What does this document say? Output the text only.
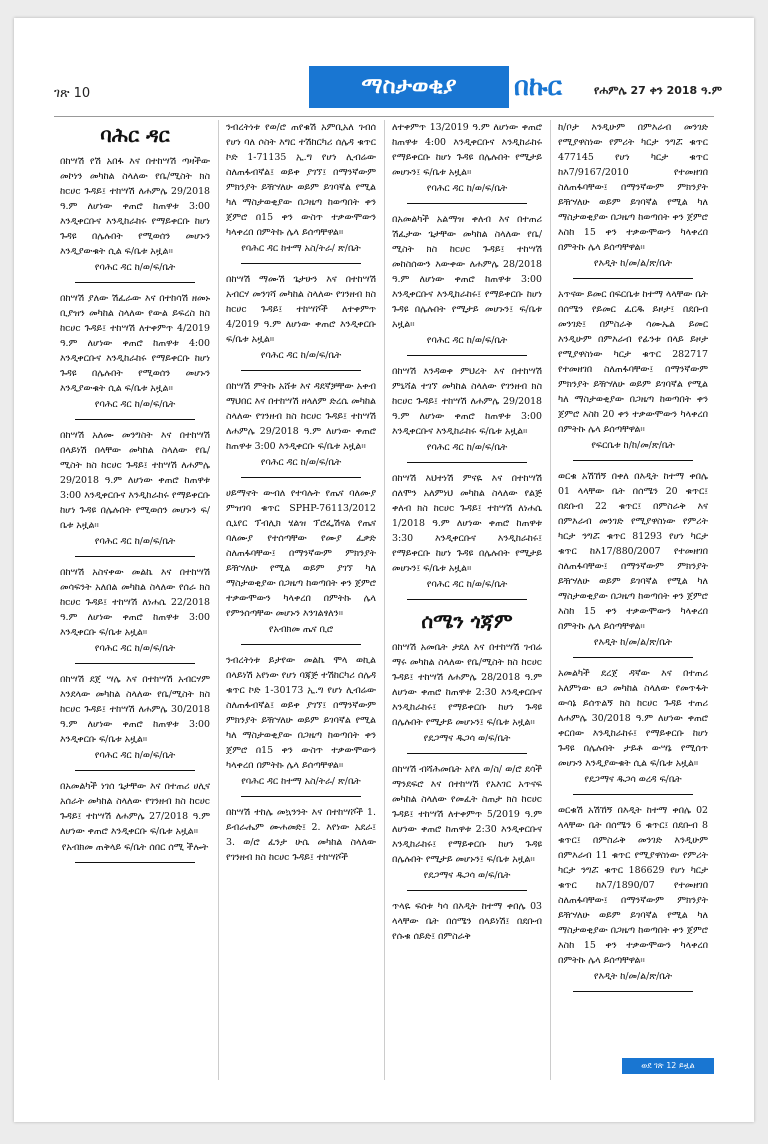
ገጽ 10	ማስታወቂያ	በኩር	የሐምሌ 27 ቀን 2018 ዓ.ም
ባሕር ዳር

በከሣሽ የሽ አበፋ እና በተከሣሽ ጣዛችው መኮነን መካከል ስላለው የቤ/ሚስት ክስ ከcሀc ጉዳይ፤ ተከሣሽ ለሐምሌ 29/2018 ዓ.ም ለሆነው ቀጠሮ ከጠዋቱ 3:00 እንዲቀርቡና እንዲከራከሩ የማይቀርቡ ከሆነ ጉዳዩ በሌሉበት የሚወሰን መሆኑን እንዲያውቁት ሲል ፍ/ቤቱ አዟል።

የባሕር ዳር ከ/ወ/ፍ/ቤት

በከሣሽ ያለው ሽፈራው እና በተከሳሽ ዘመኑ ቢያዝን መካከል ስላለው የውል ይፍረስ ክስ ከcሀc ጉዳይ፤ ተከሣሽ ለተቀምጥ 4/2019 ዓ.ም ለሆነው ቀጠሮ ከጠዋቱ 4:00 እንዲቀርቡና እንዲከራከሩ የማይቀርቡ ከሆነ ጉዳዩ በሌሉበት የሚወሰን መሆኑን እንዲያውቁት ሲል ፍ/ቤቱ አዟል።

የባሕር ዳር ከ/ወ/ፍ/ቤት

በከሣሽ አለሙ መንግስት እና በተከሣሽ በላይነሽ በላቸው መካከል ስላለው የቤ/ሚስት ክስ ከcሀc ጉዳይ፤ ተከሣሽ ለሐምሌ 29/2018 ዓ.ም ለሆነው ቀጠሮ ከጠዋቱ 3:00 እንዲቀርቡና እንዲከራከሩ የማይቀርቡ ከሆነ ጉዳዩ በሌሉበት የሚወሰን መሆኑን ፍ/ቤቱ አዟል።

የባሕር ዳር ከ/ወ/ፍ/ቤት

በከሣሽ አስናቀው መልኬ እና በተከሣሽ መሳፍንት አለበል መካከል ስላለው የሰራ ክስ ከcሀc ጉዳይ፤ ተከሣሽ ለነሐሴ 22/2018 ዓ.ም ለሆነው ቀጠሮ ከጠዋቱ 3:00 እንዲቀርቡ ፍ/ቤቱ አዟል።

የባሕር ዳር ከ/ወ/ፍ/ቤት

በከሣሽ ደጀ ሣሌ እና በተከሣሽ አብርሃም እንደላው መካከል ስላለው የቤ/ሚስት ክስ ከcሀc ጉዳይ፤ ተከሣሽ ለሐምሌ 30/2018 ዓ.ም ለሆነው ቀጠሮ ከጠዋቱ 3:00 እንዲቀርቡ ፍ/ቤቱ አዟል።

የባሕር ዳር ከ/ወ/ፍ/ቤት

በአመልካች ነገሰ ጌታቸው እና በተጠሪ ሀሊና አሰራት መካከል ስላለው የገንዘብ ክስ ከcሀc ጉዳይ፤ ተከሣሽ ለሐምሌ 27/2018 ዓ.ም ለሆነው ቀጠሮ እንዲቀርቡ ፍ/ቤቱ አዟል።

የአብክመ ጠቅላይ ፍ/ቤት ሰበር ሰሚ ችሎት

ንብረትነቱ የወ/ሮ ጠየቁሽ አምቢአለ ገብሰ የሆነ ባለ ሶስት እግር ተሽከርካሪ ሰሌዳ ቁጥር ኮድ 1-71135 ኢ.ግ የሆነ ሊብሬው ስለጠፋብኛል፤ ወይቀ ያገኘ፤ በማንኛውም ምክንያት ይዥሃለሁ ወይም ይገባኛል የሚል ካለ ማስታወቂያው በጋዜጣ ከወጣበት ቀን ጀምሮ በ15 ቀን ውስጥ ተቃውሞውን ካላቀረበ በምትኩ ሌላ ይሰጣቸዋል።

የባሕር ዳር ከተማ አስ/ትራ/ ጽ/ቤት

በከሣሽ ማሙሽ ጌታሁን እና በተከሣሽ አብርሃ መንገሻ መካከል ስላለው የገንዘብ ክስ ከcሀc ጉዳይ፤ ተከሣሾች ለተቀምጥ 4/2019 ዓ.ም ለሆነው ቀጠሮ እንዲቀርቡ ፍ/ቤቱ አዟል።

የባሕር ዳር ከ/ወ/ፍ/ቤት

በከሣሽ ምትኩ አሸቱ እና ዳደኛቻቸው አቀብ ማህበር እና በተከሣሽ ዘላለም ድረሴ መካከል ስላለው የገንዘብ ክስ ከcሀc ጉዳይ፤ ተከሣሽ ለሐምሌ 29/2018 ዓ.ም ለሆነው ቀጠሮ ከጠዋቱ 3:00 እንዲቀርቡ ፍ/ቤቱ አዟል።

የባሕር ዳር ከ/ወ/ፍ/ቤት

ሀይማኖት ውብለ የተባሉት የጤና ባለሙያ ምዝገባ ቁጥር SPHP-76113/2012 ሲኒየር ፕብሊክ ሄልዝ ፕሮፌሽናል የጤና ባለሙያ የተሰጣቸው የሙያ ፈቃድ ስለጠፋባቸው፤ በማንኛውም ምክንያት ይዥሃለሁ የሚል ወይም ያገኘ ካለ ማስታወቂያው በጋዜጣ ከወጣበት ቀን ጀምሮ ተቃውሞውን ካላቀረበ በምትኩ ሌላ የምንሰጣቸው መሆኑን እንገልፃለን።

የአብክመ ጤና ቢሮ

ንብረትነቱ ይታየው መልኬ ሞላ ወኪል በላይነሽ አየነው የሆነ ባጃጅ ተሽከርካሪ ሰሌዳ ቁጥር ኮድ 1-30173 ኢ.ግ የሆነ ሊብሬው ስለጠፋብኛል፤ ወይቀ ያገኘ፤ በማንኛውም ምክንያት ይዥሃለሁ ወይም ይገባኛል የሚል ካለ ማስታወቂያው በጋዜጣ ከወጣበት ቀን ጀምሮ በ15 ቀን ውስጥ ተቃውሞውን ካላቀረበ በምትኩ ሌላ ይሰጣቸዋል።

የባሕር ዳር ከተማ አስ/ትራ/ ጽ/ቤት

በከሣሽ ተከሌ መኳንንት እና በተከሣሾች 1. ይብራሔም ሙሐመድ፤ 2. እየነው አደራ፤ 3. ወ/ሮ ፈንታ ሁሴ መካከል ስላለው የገንዘብ ክስ ከcሀc ጉዳይ፤ ተከሣሾች

ለተቀምጥ 13/2019 ዓ.ም ለሆነው ቀጠሮ ከጠዋቱ 4:00 እንዲቀርቡና እንዲከራከሩ የማይቀርቡ ከሆነ ጉዳዩ በሌሉበት የሚታይ መሆኑን፤ ፍ/ቤቱ አዟል።

የባሕር ዳር ከ/ወ/ፍ/ቤት

በአመልካች አልማዝ ቀለብ እና በተጠሪ ሽፈታው ጌታቸው መካከል ስላለው የቤ/ሚስት ክስ ከcሀc ጉዳይ፤ ተከሣሽ መከስሰውን እውቀው ለሐምሌ 28/2018 ዓ.ም ለሆነው ቀጠሮ ከጠዋቱ 3:00 እንዲቀርቡና እንዲከራከሩ፤ የማይቀርቡ ከሆነ ጉዳዩ በሌሉበት የሚታይ መሆኑን፤ ፍ/ቤቱ አዟል።

የባሕር ዳር ከ/ወ/ፍ/ቤት

በከሣሽ እንዳወቀ ምህረት እና በተከሣሽ ምኒሻል ተገኘ መካከል ስላለው የገንዘብ ክስ ከcሀc ጉዳይ፤ ተከሣሽ ለሐምሌ 29/2018 ዓ.ም ለሆነው ቀጠሮ ከጠዋቱ 3:00 እንዲቀርቡና እንዲከራከሩ ፍ/ቤቱ አዟል።

የባሕር ዳር ከ/ወ/ፍ/ቤት

በከሣሽ እህተነሽ ምናዬ እና በተከሣሽ ሰለሞን አለምነህ መካከል ስላለው የልጅ ቀለብ ክስ ከcሀc ጉዳይ፤ ተከሣሽ ለነሐሴ 1/2018 ዓ.ም ለሆነው ቀጠሮ ከጠዋቱ 3:30 እንዲቀርቡና እንዲከራከሩ፤ የማይቀርቡ ከሆነ ጉዳዩ በሌሉበት የሚታይ መሆኑን፤ ፍ/ቤቱ አዟል።

የባሕር ዳር ከ/ወ/ፍ/ቤት

ሰሜን ጎጃም

በከሣሽ አመቤት ታደለ እና በተከሣሽ ገብሬ ማሩ መካከል ስላለው የቤ/ሚስት ክስ ከcሀc ጉዳይ፤ ተከሣሽ ለሐምሌ 28/2018 ዓ.ም ለሆነው ቀጠሮ ከጠዋቱ 2:30 እንዲቀርቡና እንዲከራከሩ፤ የማይቀርቡ ከሆነ ጉዳዩ በሌሉበት የሚታይ መሆኑን፤ ፍ/ቤቱ አዟል።

የደጋማና ዱጋሳ ወ/ፍ/ቤት

በከሣሽ ብሻሕመቤት አየለ ወ/ስ/ ወ/ሮ ደሳች ማንደፍሮ እና በተከሣሽ የአእገር አጥናፍ መካከል ስላለው የመፈት ስጠታ ክስ ከcሀc ጉዳይ፤ ተከሣሽ ለተቀምጥ 5/2019 ዓ.ም ለሆነው ቀጠሮ ከጠዋቱ 2:30 እንዲቀርቡና እንዲከራከሩ፤ የማይቀርቡ ከሆነ ጉዳዩ በሌሉበት የሚታይ መሆኑን፤ ፍ/ቤቱ አዟል።

የደጋማና ዱጋሳ ወ/ፍ/ቤት

ጥላዬ ፍሰቱ ካሳ በእዲት ከተማ ቀበሌ 03 ላላቸው ቤት በሰሜን በላይነሽ፤ በደቡብ የሱቁ ሰይድ፤ በምስራቅ

ከ/ቦታ እንዲሁም በምእራብ መንገድ የሚያዋስነው የምሪት ካርታ ንግሯ ቁጥር 477145 የሆነ ካርታ ቁጥር ከእ7/9167/2010 የተመዘገበ ስለጠፋባቸው፤ በማንኛውም ምክንያት ይዥሃለሁ ወይም ይገባኛል የሚል ካለ ማስታወቂያው በጋዜጣ ከወጣበት ቀን ጀምሮ እስከ 15 ቀን ተቃውሞውን ካላቀረበ በምትኩ ሌላ ይሰጣቸዋል።

የእዲት ከ/መ/ል/ጽ/ቤት

አጥናው ይመር በፍርቤቱ ከተማ ላላቸው ቤት በሰሜን የይመር ፈርዱ ይዞታ፤ በደቡብ መንገድ፤ በምስራቅ ሳሙኤል ይመር እንዲሁም በምእራብ የፊንቱ በላይ ይዞታ የሚያዋስነው ካርታ ቁጥር 282717 የተመዘገበ ስለጠፋባቸው፤ በማንኛውም ምክንያት ይዥሃለሁ ወይም ይገባኛል የሚል ካለ ማስታወቂያው በጋዜጣ ከወጣበት ቀን ጀምሮ እስከ 20 ቀን ተቃውሞውን ካላቀረበ በምትኩ ሌላ ይሰጣቸዋል።

የፍርቤቱ ከ/ከ/መ/ጽ/ቤት

ወርቁ አሽኸኝ በቀለ በእዲት ከተማ ቀበሌ 01 ላላቸው ቤት በሰሜን 20 ቁጥር፤ በደቡብ 22 ቁጥር፤ በምስራቅ እና በምእራብ መንገድ የሚያዋስነው የምሪት ካርታ ንግሯ ቁጥር 81293 የሆነ ካርታ ቁጥር ከእ17/880/2007 የተመዘገበ ስለጠፋባቸው፤ በማንኛውም ምክንያት ይዥሃለሁ ወይም ይገባኛል የሚል ካለ ማስታወቂያው በጋዜጣ ከወጣበት ቀን ጀምሮ እስከ 15 ቀን ተቃውሞውን ካላቀረበ በምትኩ ሌላ ይሰጣቸዋል።

የእዲት ከ/መ/ል/ጽ/ቤት

አመልካች ደረጀ ዳኛው እና በተጠሪ አለምነው ፀጋ መካከል ስላለው የመጥፋት ውሳኔ ይሰጥልኝ ክስ ከcሀc ጉዳይ ተጠሪ ለሐምሌ 30/2018 ዓ.ም ለሆነው ቀጠሮ ቀርበው እንዲከራከሩ፤ የማይቀርቡ ከሆነ ጉዳዩ በሌሉበት ታይቶ ውሣኔ የሚሰጥ መሆኑን እንዲያውቁት ሲል ፍ/ቤቱ አዟል።

የደጋማና ዱጋሳ ወረዳ ፍ/ቤት

ወርቁሽ አሽኸኝ በእዲት ከተማ ቀበሌ 02 ላላቸው ቤት በሰሜን 6 ቁጥር፤ በደቡብ 8 ቁጥር፤ በምስራቅ መንገድ እንዲሁም በምእራብ 11 ቁጥር የሚያዋስነው የምሪት ካርታ ንግሯ ቁጥር 186629 የሆነ ካርታ ቁጥር ከእ7/1890/07 የተመዘገበ ስለጠፋባቸው፤ በማንኛውም ምክንያት ይዥሃለሁ ወይም ይገባኛል የሚል ካለ ማስታወቂያው በጋዜጣ ከወጣበት ቀን ጀምሮ እስከ 15 ቀን ተቃውሞውን ካላቀረበ በምትኩ ሌላ ይሰጣቸዋል።

የእዲት ከ/መ/ል/ጽ/ቤት

ወደ ገጽ 12 ይዟል
